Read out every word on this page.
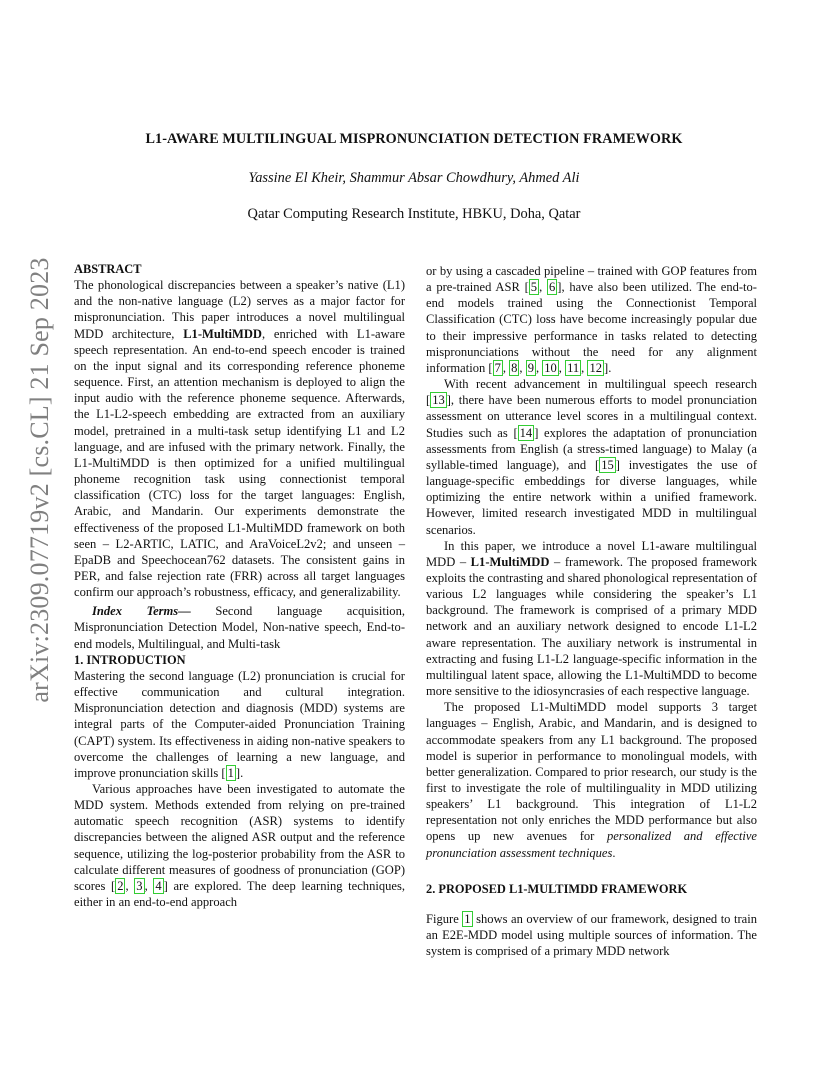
arXiv:2309.07719v2 [cs.CL] 21 Sep 2023
L1-AWARE MULTILINGUAL MISPRONUNCIATION DETECTION FRAMEWORK
Yassine El Kheir, Shammur Absar Chowdhury, Ahmed Ali
Qatar Computing Research Institute, HBKU, Doha, Qatar

ABSTRACT

The phonological discrepancies between a speaker’s native (L1) and the non-native language (L2) serves as a major factor for mispronunciation. This paper introduces a novel multilingual MDD architecture, L1-MultiMDD, enriched with L1-aware speech representation. An end-to-end speech encoder is trained on the input signal and its corresponding reference phoneme sequence. First, an attention mechanism is deployed to align the input audio with the reference phoneme sequence. Afterwards, the L1-L2-speech embedding are extracted from an auxiliary model, pretrained in a multi-task setup identifying L1 and L2 language, and are infused with the primary network. Finally, the L1-MultiMDD is then optimized for a unified multilingual phoneme recognition task using connectionist temporal classification (CTC) loss for the target languages: English, Arabic, and Mandarin. Our experiments demonstrate the effectiveness of the proposed L1-MultiMDD framework on both seen – L2-ARTIC, LATIC, and AraVoiceL2v2; and unseen – EpaDB and Speechocean762 datasets. The consistent gains in PER, and false rejection rate (FRR) across all target languages confirm our approach’s robustness, efficacy, and generalizability.

Index Terms— Second language acquisition, Mispronunciation Detection Model, Non-native speech, End-to-end models, Multilingual, and Multi-task

1. INTRODUCTION

Mastering the second language (L2) pronunciation is crucial for effective communication and cultural integration. Mispronunciation detection and diagnosis (MDD) systems are integral parts of the Computer-aided Pronunciation Training (CAPT) system. Its effectiveness in aiding non-native speakers to overcome the challenges of learning a new language, and improve pronunciation skills [ 1 ].

Various approaches have been investigated to automate the MDD system. Methods extended from relying on pre-trained automatic speech recognition (ASR) systems to identify discrepancies between the aligned ASR output and the reference sequence, utilizing the log-posterior probability from the ASR to calculate different measures of goodness of pronunciation (GOP) scores [ 2 , 3 , 4 ] are explored. The deep learning techniques, either in an end-to-end approach

or by using a cascaded pipeline – trained with GOP features from a pre-trained ASR [ 5 , 6 ], have also been utilized. The end-to-end models trained using the Connectionist Temporal Classification (CTC) loss have become increasingly popular due to their impressive performance in tasks related to detecting mispronunciations without the need for any alignment information [ 7 , 8 , 9 , 10 , 11 , 12 ].

With recent advancement in multilingual speech research [ 13 ], there have been numerous efforts to model pronunciation assessment on utterance level scores in a multilingual context. Studies such as [ 14 ] explores the adaptation of pronunciation assessments from English (a stress-timed language) to Malay (a syllable-timed language), and [ 15 ] investigates the use of language-specific embeddings for diverse languages, while optimizing the entire network within a unified framework. However, limited research investigated MDD in multilingual scenarios.

In this paper, we introduce a novel L1-aware multilingual MDD – L1-MultiMDD – framework. The proposed framework exploits the contrasting and shared phonological representation of various L2 languages while considering the speaker’s L1 background. The framework is comprised of a primary MDD network and an auxiliary network designed to encode L1-L2 aware representation. The auxiliary network is instrumental in extracting and fusing L1-L2 language-specific information in the multilingual latent space, allowing the L1-MultiMDD to become more sensitive to the idiosyncrasies of each respective language.

The proposed L1-MultiMDD model supports 3 target languages – English, Arabic, and Mandarin, and is designed to accommodate speakers from any L1 background. The proposed model is superior in performance to monolingual models, with better generalization. Compared to prior research, our study is the first to investigate the role of multilinguality in MDD utilizing speakers’ L1 background. This integration of L1-L2 representation not only enriches the MDD performance but also opens up new avenues for personalized and effective pronunciation assessment techniques.

2. PROPOSED L1-MULTIMDD FRAMEWORK

Figure 1 shows an overview of our framework, designed to train an E2E-MDD model using multiple sources of information. The system is comprised of a primary MDD network
